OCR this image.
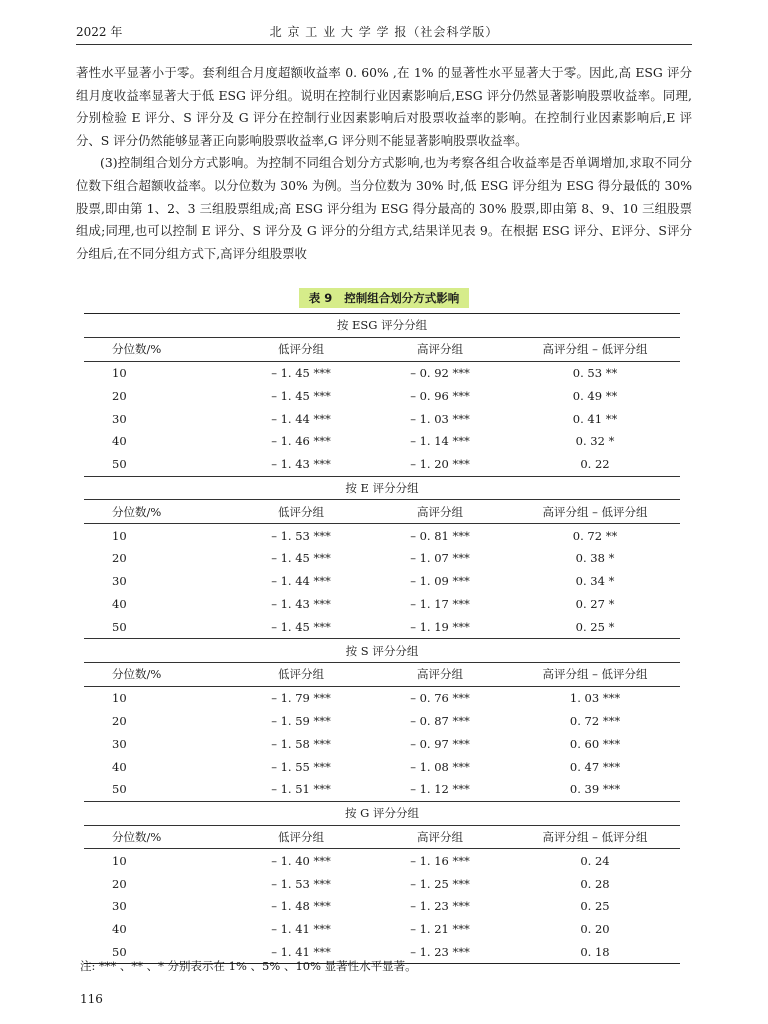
2022 年	北 京 工 业 大 学 学 报（社会科学版）

著性水平显著小于零。套利组合月度超额收益率 0. 60% ,在 1% 的显著性水平显著大于零。因此,高 ESG 评分组月度收益率显著大于低 ESG 评分组。说明在控制行业因素影响后,ESG 评分仍然显著影响股票收益率。同理,分别检验 E 评分、S 评分及 G 评分在控制行业因素影响后对股票收益率的影响。在控制行业因素影响后,E 评分、S 评分仍然能够显著正向影响股票收益率,G 评分则不能显著影响股票收益率。

(3)控制组合划分方式影响。为控制不同组合划分方式影响,也为考察各组合收益率是否单调增加,求取不同分位数下组合超额收益率。以分位数为 30% 为例。当分位数为 30% 时,低 ESG 评分组为 ESG 得分最低的 30% 股票,即由第 1、2、3 三组股票组成;高 ESG 评分组为 ESG 得分最高的 30% 股票,即由第 8、9、10 三组股票组成;同理,也可以控制 E 评分、S 评分及 G 评分的分组方式,结果详见表 9。在根据 ESG 评分、E评分、S评分分组后,在不同分组方式下,高评分组股票收

表 9 控制组合划分方式影响
按 ESG 评分分组			
分位数/%	低评分组	高评分组	高评分组 – 低评分组
10	– 1. 45 ***	– 0. 92 ***	0. 53 **
20	– 1. 45 ***	– 0. 96 ***	0. 49 **
30	– 1. 44 ***	– 1. 03 ***	0. 41 **
40	– 1. 46 ***	– 1. 14 ***	0. 32 *
50	– 1. 43 ***	– 1. 20 ***	0. 22
按 E 评分分组			
分位数/%	低评分组	高评分组	高评分组 – 低评分组
10	– 1. 53 ***	– 0. 81 ***	0. 72 **
20	– 1. 45 ***	– 1. 07 ***	0. 38 *
30	– 1. 44 ***	– 1. 09 ***	0. 34 *
40	– 1. 43 ***	– 1. 17 ***	0. 27 *
50	– 1. 45 ***	– 1. 19 ***	0. 25 *
按 S 评分分组			
分位数/%	低评分组	高评分组	高评分组 – 低评分组
10	– 1. 79 ***	– 0. 76 ***	1. 03 ***
20	– 1. 59 ***	– 0. 87 ***	0. 72 ***
30	– 1. 58 ***	– 0. 97 ***	0. 60 ***
40	– 1. 55 ***	– 1. 08 ***	0. 47 ***
50	– 1. 51 ***	– 1. 12 ***	0. 39 ***
按 G 评分分组			
分位数/%	低评分组	高评分组	高评分组 – 低评分组
10	– 1. 40 ***	– 1. 16 ***	0. 24
20	– 1. 53 ***	– 1. 25 ***	0. 28
30	– 1. 48 ***	– 1. 23 ***	0. 25
40	– 1. 41 ***	– 1. 21 ***	0. 20
50	– 1. 41 ***	– 1. 23 ***	0. 18
注: *** 、** 、* 分别表示在 1% 、5% 、10% 显著性水平显著。
116
